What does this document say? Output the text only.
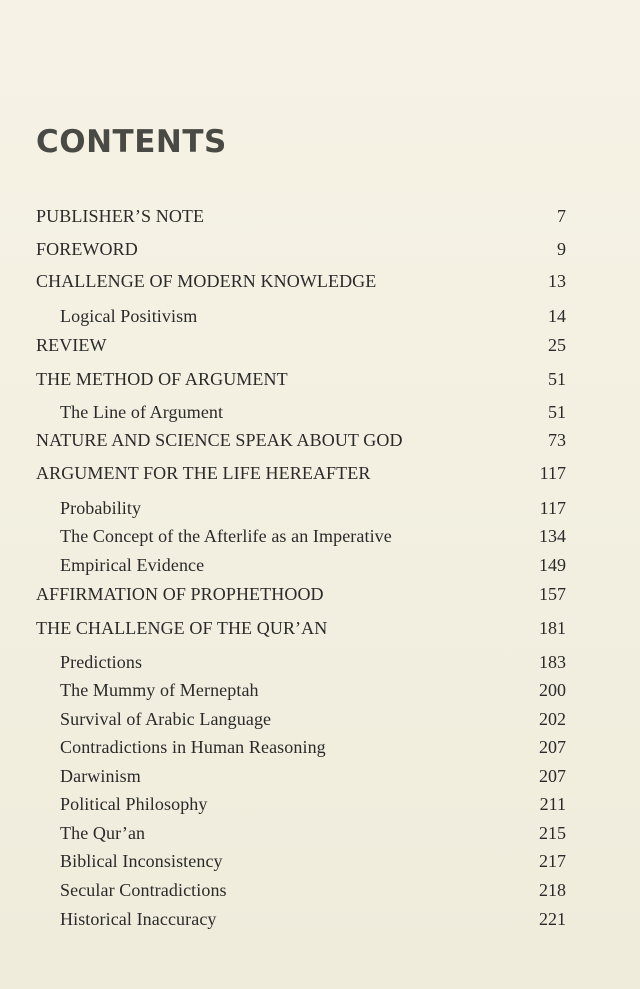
CONTENTS
PUBLISHER’S NOTE	7
FOREWORD	9
CHALLENGE OF MODERN KNOWLEDGE	13
Logical Positivism	14
REVIEW	25
THE METHOD OF ARGUMENT	51
The Line of Argument	51
NATURE AND SCIENCE SPEAK ABOUT GOD	73
ARGUMENT FOR THE LIFE HEREAFTER	117
Probability	117
The Concept of the Afterlife as an Imperative	134
Empirical Evidence	149
AFFIRMATION OF PROPHETHOOD	157
THE CHALLENGE OF THE QUR’AN	181
Predictions	183
The Mummy of Merneptah	200
Survival of Arabic Language	202
Contradictions in Human Reasoning	207
Darwinism	207
Political Philosophy	211
The Qur’an	215
Biblical Inconsistency	217
Secular Contradictions	218
Historical Inaccuracy	221
